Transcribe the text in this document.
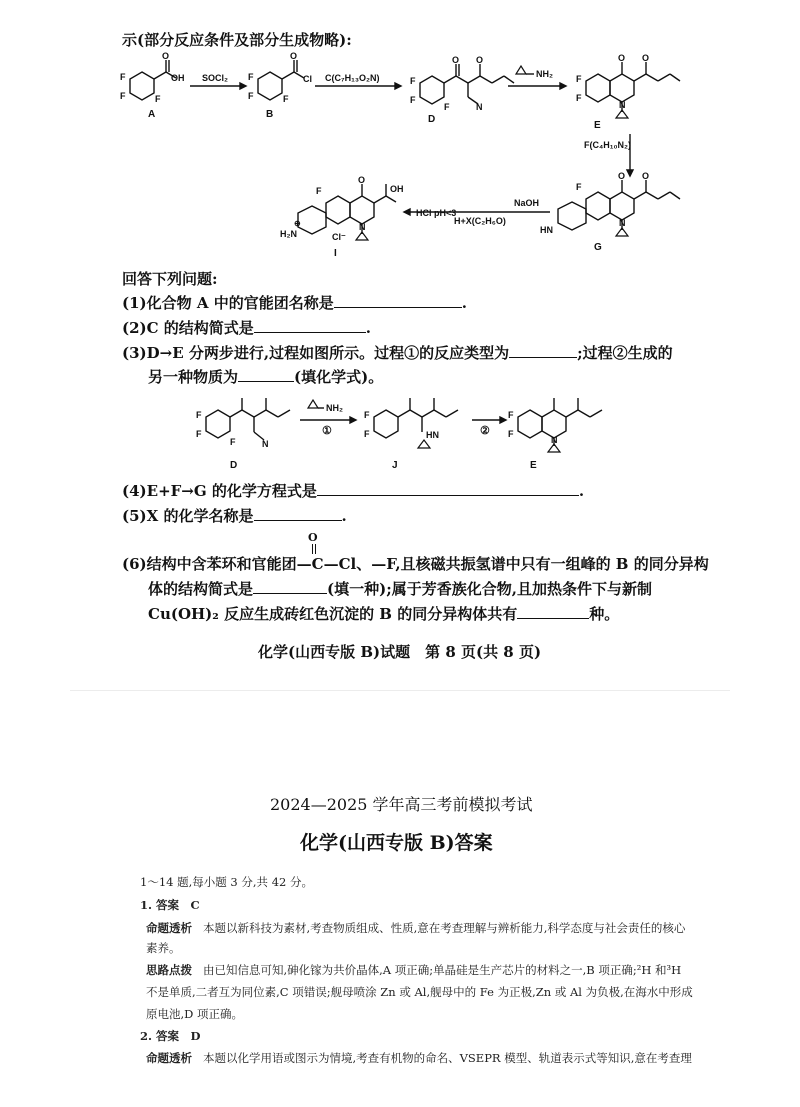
示(部分反应条件及部分生成物略):
OH
O
F
F	F
A
SOCl₂
O
Cl
F
F	F
B
C(C₇H₁₃O₂N)
O O
N
F
F
F
D
NH₂
O O
N
F
F
E
F(C₄H₁₀N₂)
O O
N
F
HN
G
NaOH
H+X(C₂H₆O)
HCl pH<3
O
OH
N
F
H₂N
⊕
Cl⁻
I
回答下列问题:
(1)化合物 A 中的官能团名称是	.
(2)C 的结构简式是	.
(3)D→E 分两步进行,过程如图所示。过程①的反应类型为	;过程②生成的
另一种物质为	(填化学式)。
F
F
F	N
D
NH₂
①
F
F	HN
J
②
F
F
N
E
(4)E+F→G 的化学方程式是	.
(5)X 的化学名称是	.
(6)结构中含苯环和官能团—C—Cl、—F,且核磁共振氢谱中只有一组峰的 B 的同分异构
O
体的结构简式是	(填一种);属于芳香族化合物,且加热条件下与新制
Cu(OH)₂ 反应生成砖红色沉淀的 B 的同分异构体共有	种。
化学(山西专版 B)试题　第 8 页(共 8 页)
2024—2025 学年高三考前模拟考试
化学(山西专版 B)答案
1～14 题,每小题 3 分,共 42 分。
1. 答案　C
命题透析 本题以新科技为素材,考查物质组成、性质,意在考查理解与辨析能力,科学态度与社会责任的核心
素养。
思路点拨 由已知信息可知,砷化镓为共价晶体,A 项正确;单晶硅是生产芯片的材料之一,B 项正确;²H 和³H
不是单质,二者互为同位素,C 项错误;舰母喷涂 Zn 或 Al,舰母中的 Fe 为正极,Zn 或 Al 为负极,在海水中形成
原电池,D 项正确。
2. 答案　D
命题透析 本题以化学用语或图示为情境,考查有机物的命名、VSEPR 模型、轨道表示式等知识,意在考查理
